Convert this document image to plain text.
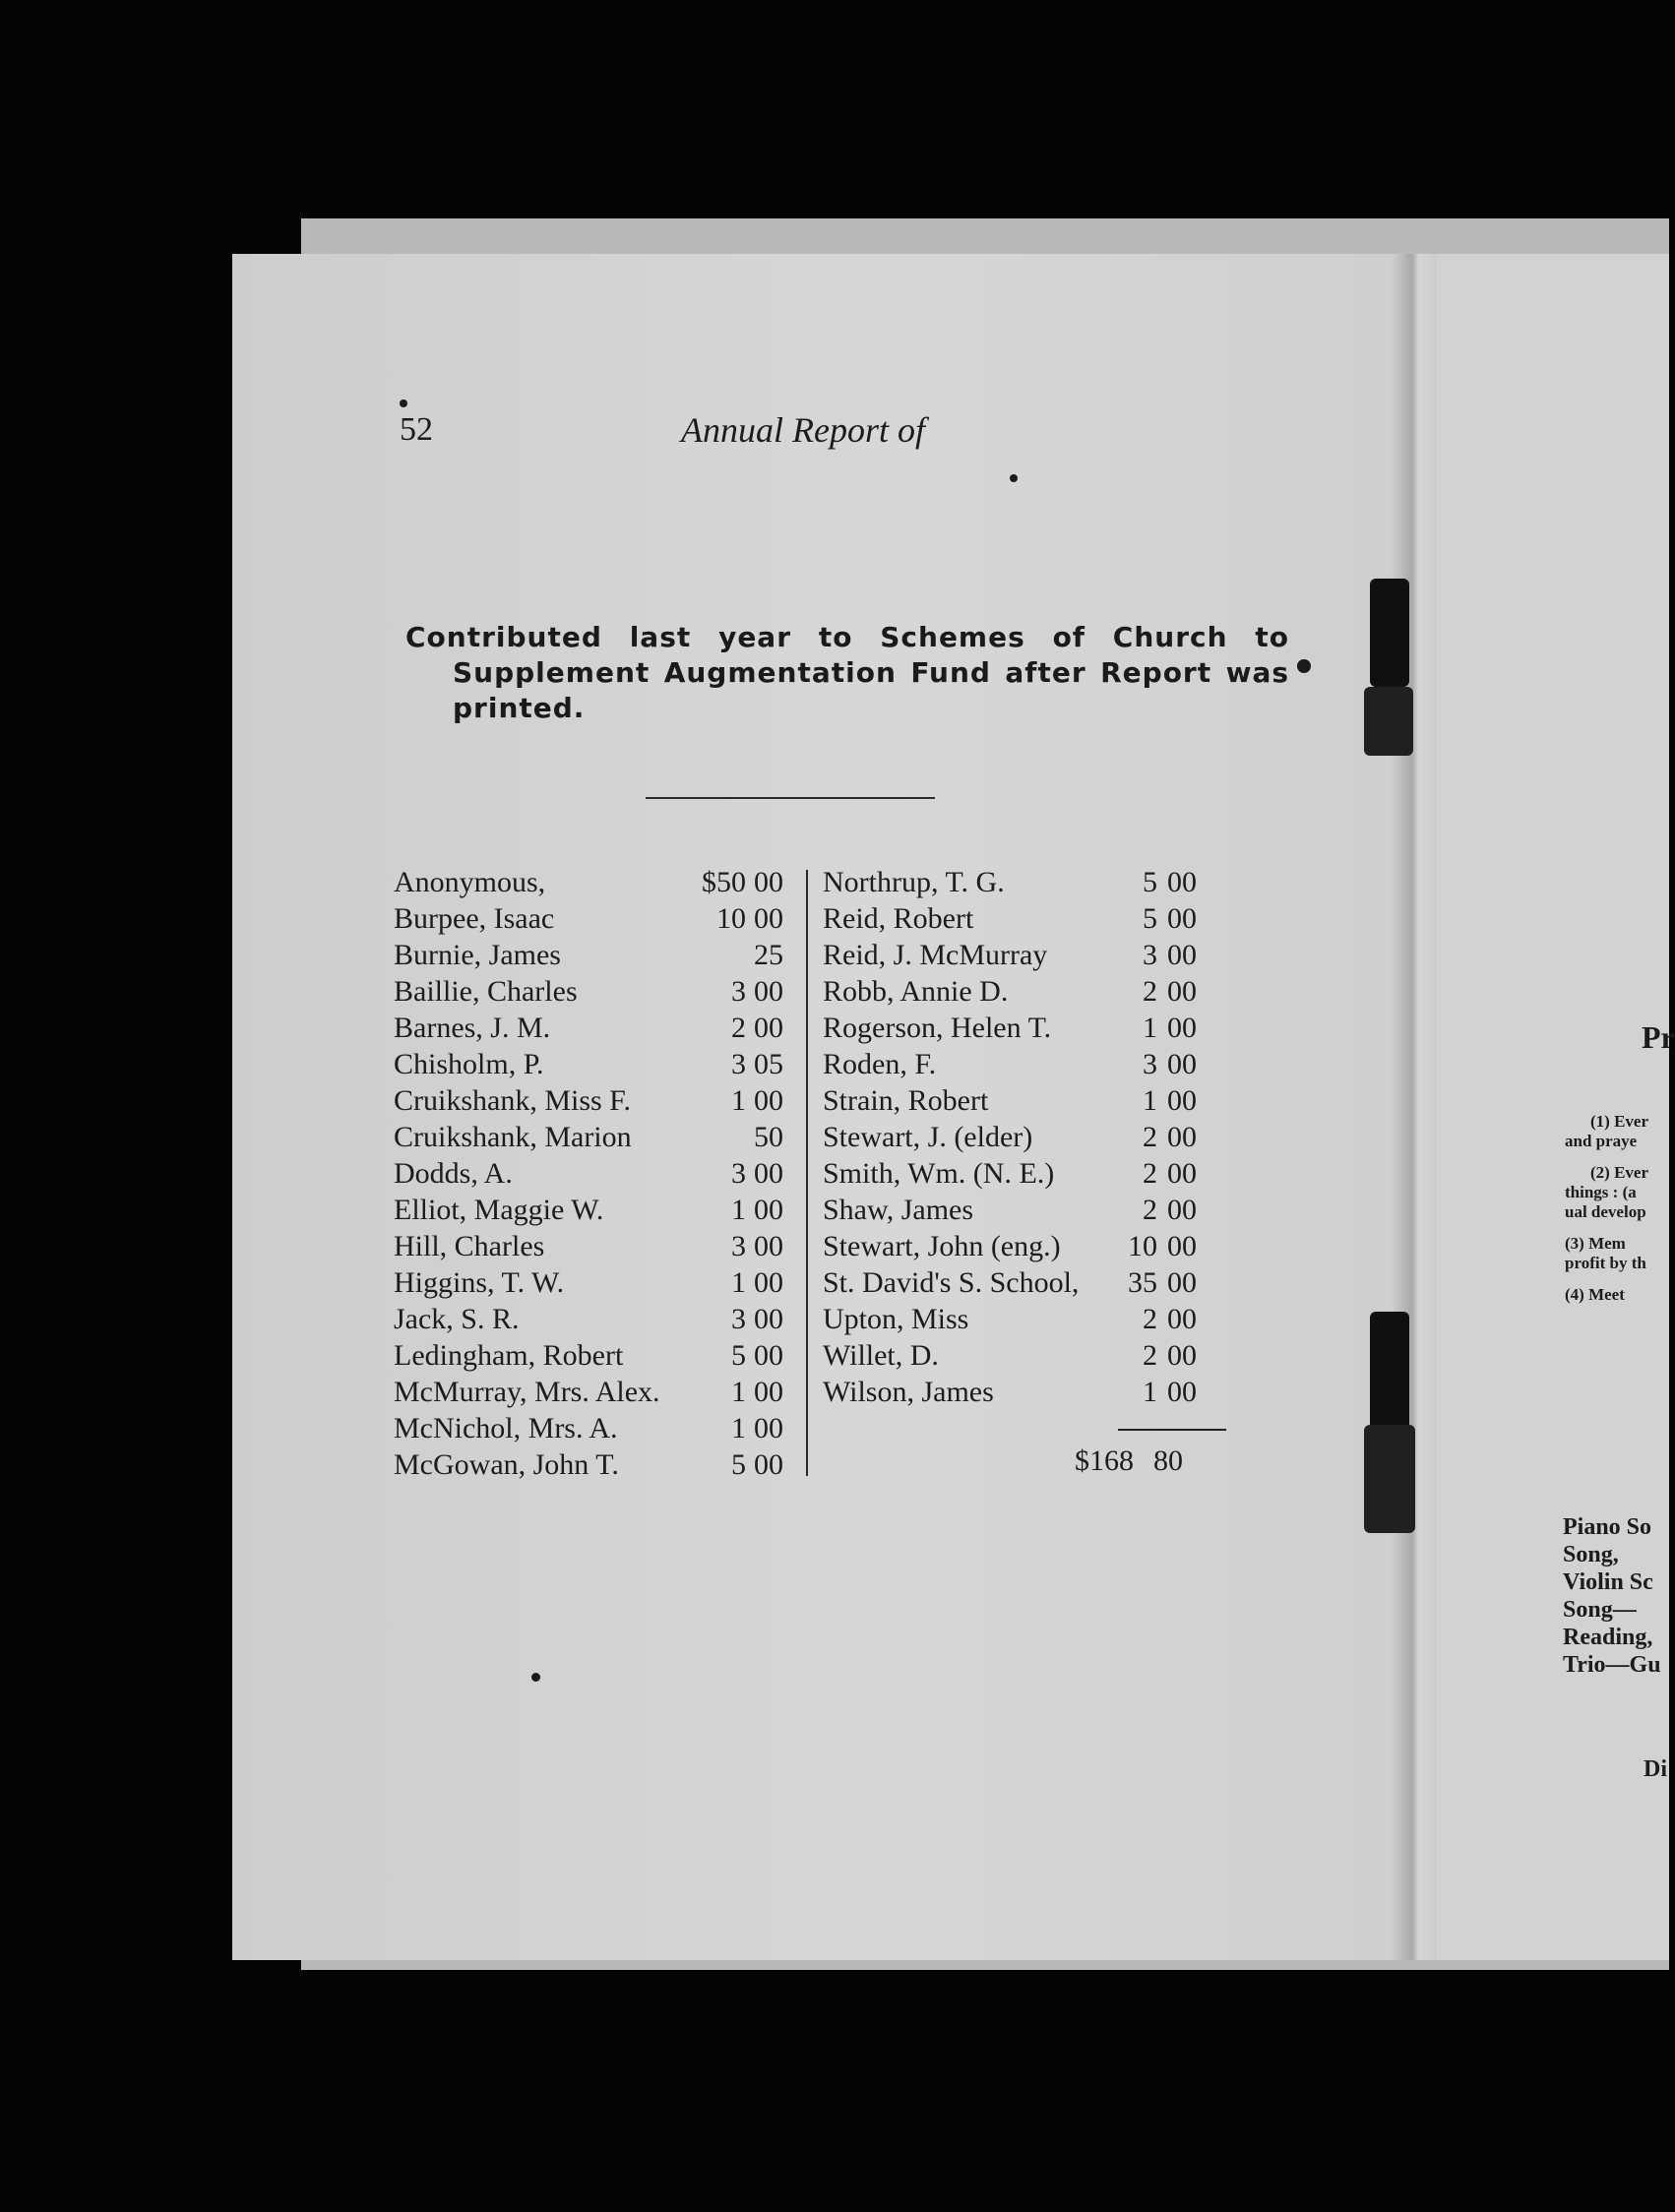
52	Annual Report of
Contributed last year to Schemes of Church to Supplement Augmentation Fund after Report was printed.
Anonymous,	$50 00
Burpee, Isaac	10 00
Burnie, James	25
Baillie, Charles	3 00
Barnes, J. M.	2 00
Chisholm, P.	3 05
Cruikshank, Miss F.	1 00
Cruikshank, Marion	50
Dodds, A.	3 00
Elliot, Maggie W.	1 00
Hill, Charles	3 00
Higgins, T. W.	1 00
Jack, S. R.	3 00
Ledingham, Robert	5 00
McMurray, Mrs. Alex.	1 00
McNichol, Mrs. A.	1 00
McGowan, John T.	5 00
Northrup, T. G.	5 00
Reid, Robert	5 00
Reid, J. McMurray	3 00
Robb, Annie D.	2 00
Rogerson, Helen T.	1 00
Roden, F.	3 00
Strain, Robert	1 00
Stewart, J. (elder)	2 00
Smith, Wm. (N. E.)	2 00
Shaw, James	2 00
Stewart, John (eng.)	10 00
St. David's S. School,	35 00
Upton, Miss	2 00
Willet, D.	2 00
Wilson, James	1 00
$168 80
Pr
(1) Ever
and praye
(2) Ever
things : (a
ual develop
(3) Mem
profit by th
(4) Meet
Piano So
Song,
Violin Sc
Song—
Reading,
Trio—Gu
Di
